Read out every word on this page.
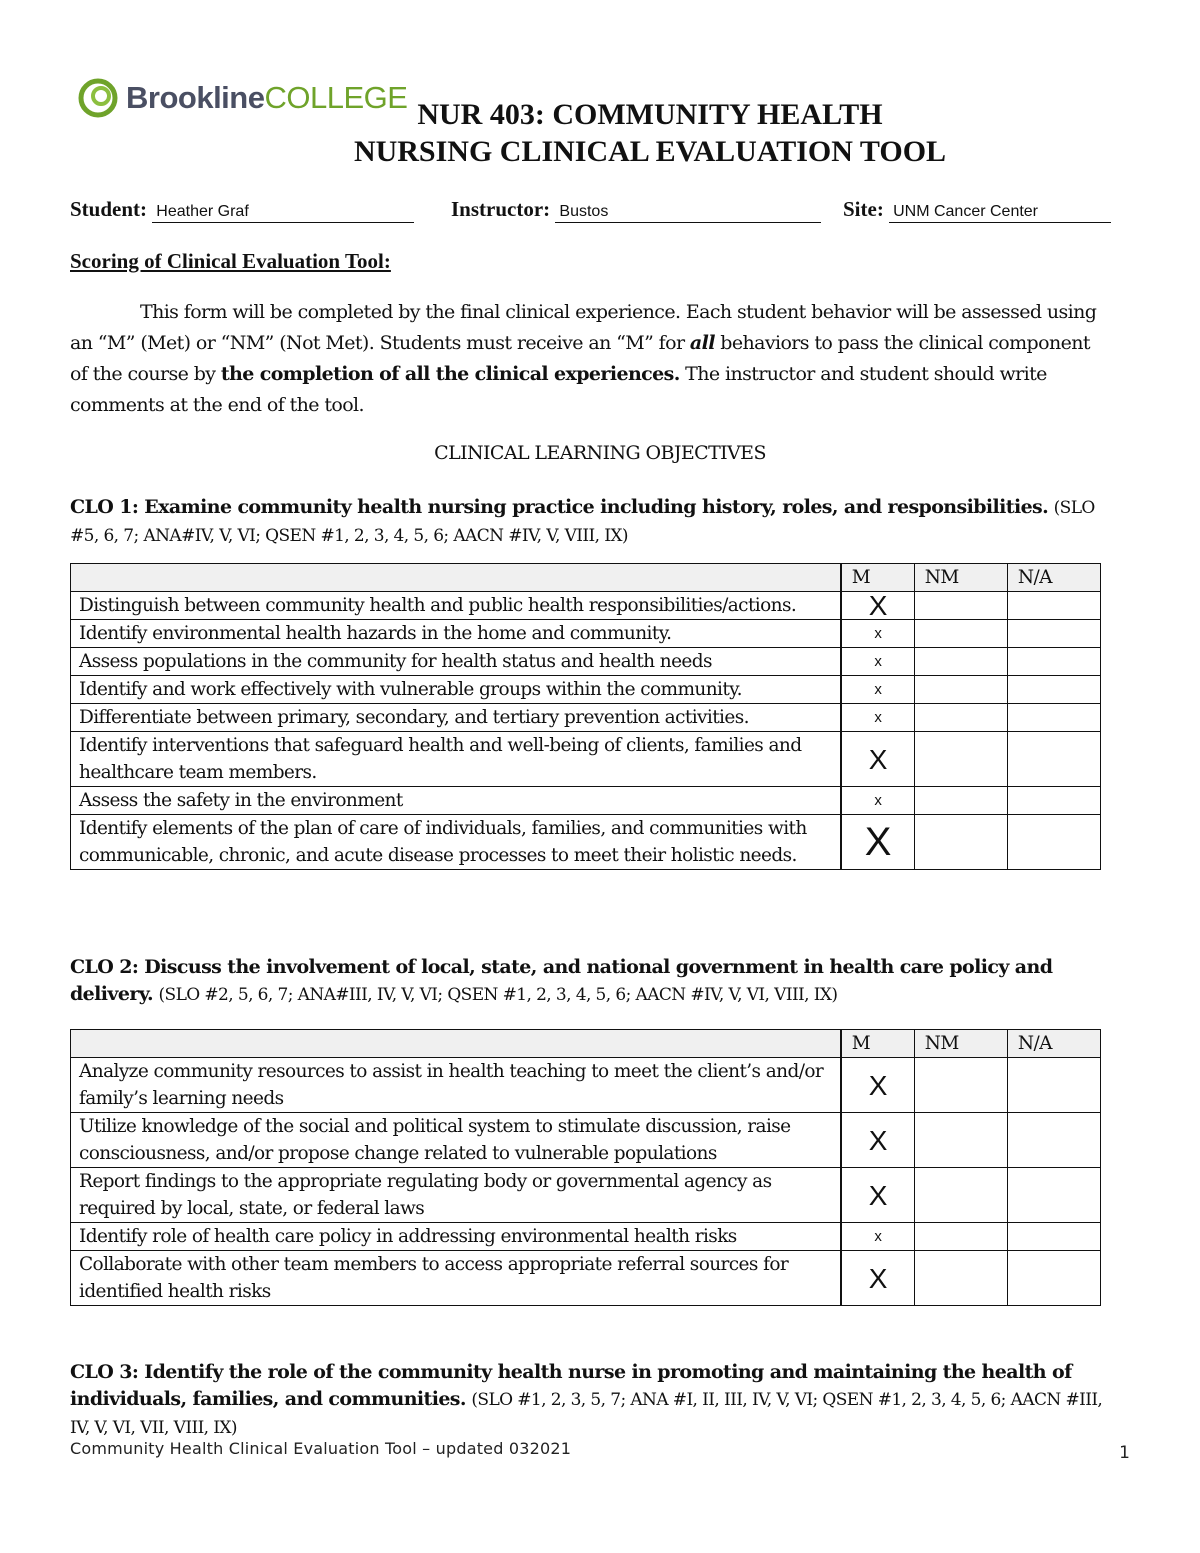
BrooklineCOLLEGE NUR 403: COMMUNITY HEALTH
NURSING CLINICAL EVALUATION TOOL
Student: Heather Graf	Instructor: Bustos	Site: UNM Cancer Center
Scoring of Clinical Evaluation Tool:
This form will be completed by the final clinical experience. Each student behavior will be assessed using an “M” (Met) or “NM” (Not Met). Students must receive an “M” for all behaviors to pass the clinical component of the course by the completion of all the clinical experiences. The instructor and student should write comments at the end of the tool.
CLINICAL LEARNING OBJECTIVES
CLO 1: Examine community health nursing practice including history, roles, and responsibilities. (SLO #5, 6, 7; ANA#IV, V, VI; QSEN #1, 2, 3, 4, 5, 6; AACN #IV, V, VIII, IX)
	M	NM	N/A
Distinguish between community health and public health responsibilities/actions.	X		
Identify environmental health hazards in the home and community.	x		
Assess populations in the community for health status and health needs	x		
Identify and work effectively with vulnerable groups within the community.	x		
Differentiate between primary, secondary, and tertiary prevention activities.	x		
Identify interventions that safeguard health and well-being of clients, families and healthcare team members.	X		
Assess the safety in the environment	x		
Identify elements of the plan of care of individuals, families, and communities with communicable, chronic, and acute disease processes to meet their holistic needs.	X		
CLO 2: Discuss the involvement of local, state, and national government in health care policy and delivery. (SLO #2, 5, 6, 7; ANA#III, IV, V, VI; QSEN #1, 2, 3, 4, 5, 6; AACN #IV, V, VI, VIII, IX)
	M	NM	N/A
Analyze community resources to assist in health teaching to meet the client’s and/or family’s learning needs	X		
Utilize knowledge of the social and political system to stimulate discussion, raise consciousness, and/or propose change related to vulnerable populations	X		
Report findings to the appropriate regulating body or governmental agency as required by local, state, or federal laws	X		
Identify role of health care policy in addressing environmental health risks	x		
Collaborate with other team members to access appropriate referral sources for identified health risks	X		
CLO 3: Identify the role of the community health nurse in promoting and maintaining the health of individuals, families, and communities. (SLO #1, 2, 3, 5, 7; ANA #I, II, III, IV, V, VI; QSEN #1, 2, 3, 4, 5, 6; AACN #III, IV, V, VI, VII, VIII, IX)
Community Health Clinical Evaluation Tool – updated 032021	1
